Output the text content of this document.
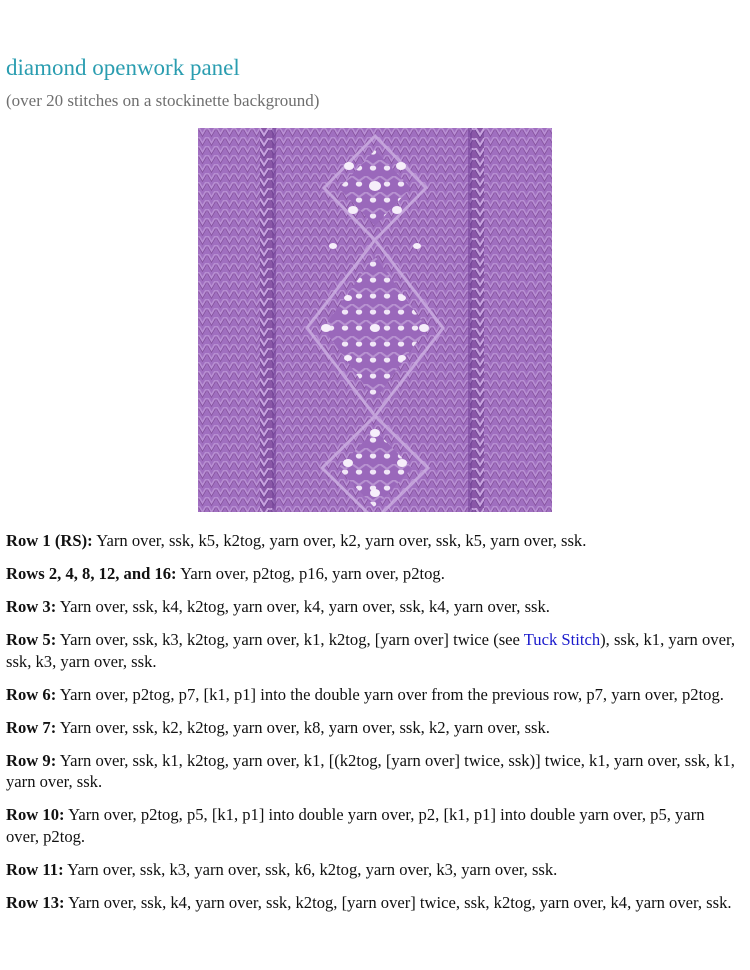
diamond openwork panel
(over 20 stitches on a stockinette background)

Row 1 (RS): Yarn over, ssk, k5, k2tog, yarn over, k2, yarn over, ssk, k5, yarn over, ssk.

Rows 2, 4, 8, 12, and 16: Yarn over, p2tog, p16, yarn over, p2tog.

Row 3: Yarn over, ssk, k4, k2tog, yarn over, k4, yarn over, ssk, k4, yarn over, ssk.

Row 5: Yarn over, ssk, k3, k2tog, yarn over, k1, k2tog, [yarn over] twice (see Tuck Stitch), ssk, k1, yarn over, ssk, k3, yarn over, ssk.

Row 6: Yarn over, p2tog, p7, [k1, p1] into the double yarn over from the previous row, p7, yarn over, p2tog.

Row 7: Yarn over, ssk, k2, k2tog, yarn over, k8, yarn over, ssk, k2, yarn over, ssk.

Row 9: Yarn over, ssk, k1, k2tog, yarn over, k1, [(k2tog, [yarn over] twice, ssk)] twice, k1, yarn over, ssk, k1, yarn over, ssk.

Row 10: Yarn over, p2tog, p5, [k1, p1] into double yarn over, p2, [k1, p1] into double yarn over, p5, yarn over, p2tog.

Row 11: Yarn over, ssk, k3, yarn over, ssk, k6, k2tog, yarn over, k3, yarn over, ssk.

Row 13: Yarn over, ssk, k4, yarn over, ssk, k2tog, [yarn over] twice, ssk, k2tog, yarn over, k4, yarn over, ssk.
